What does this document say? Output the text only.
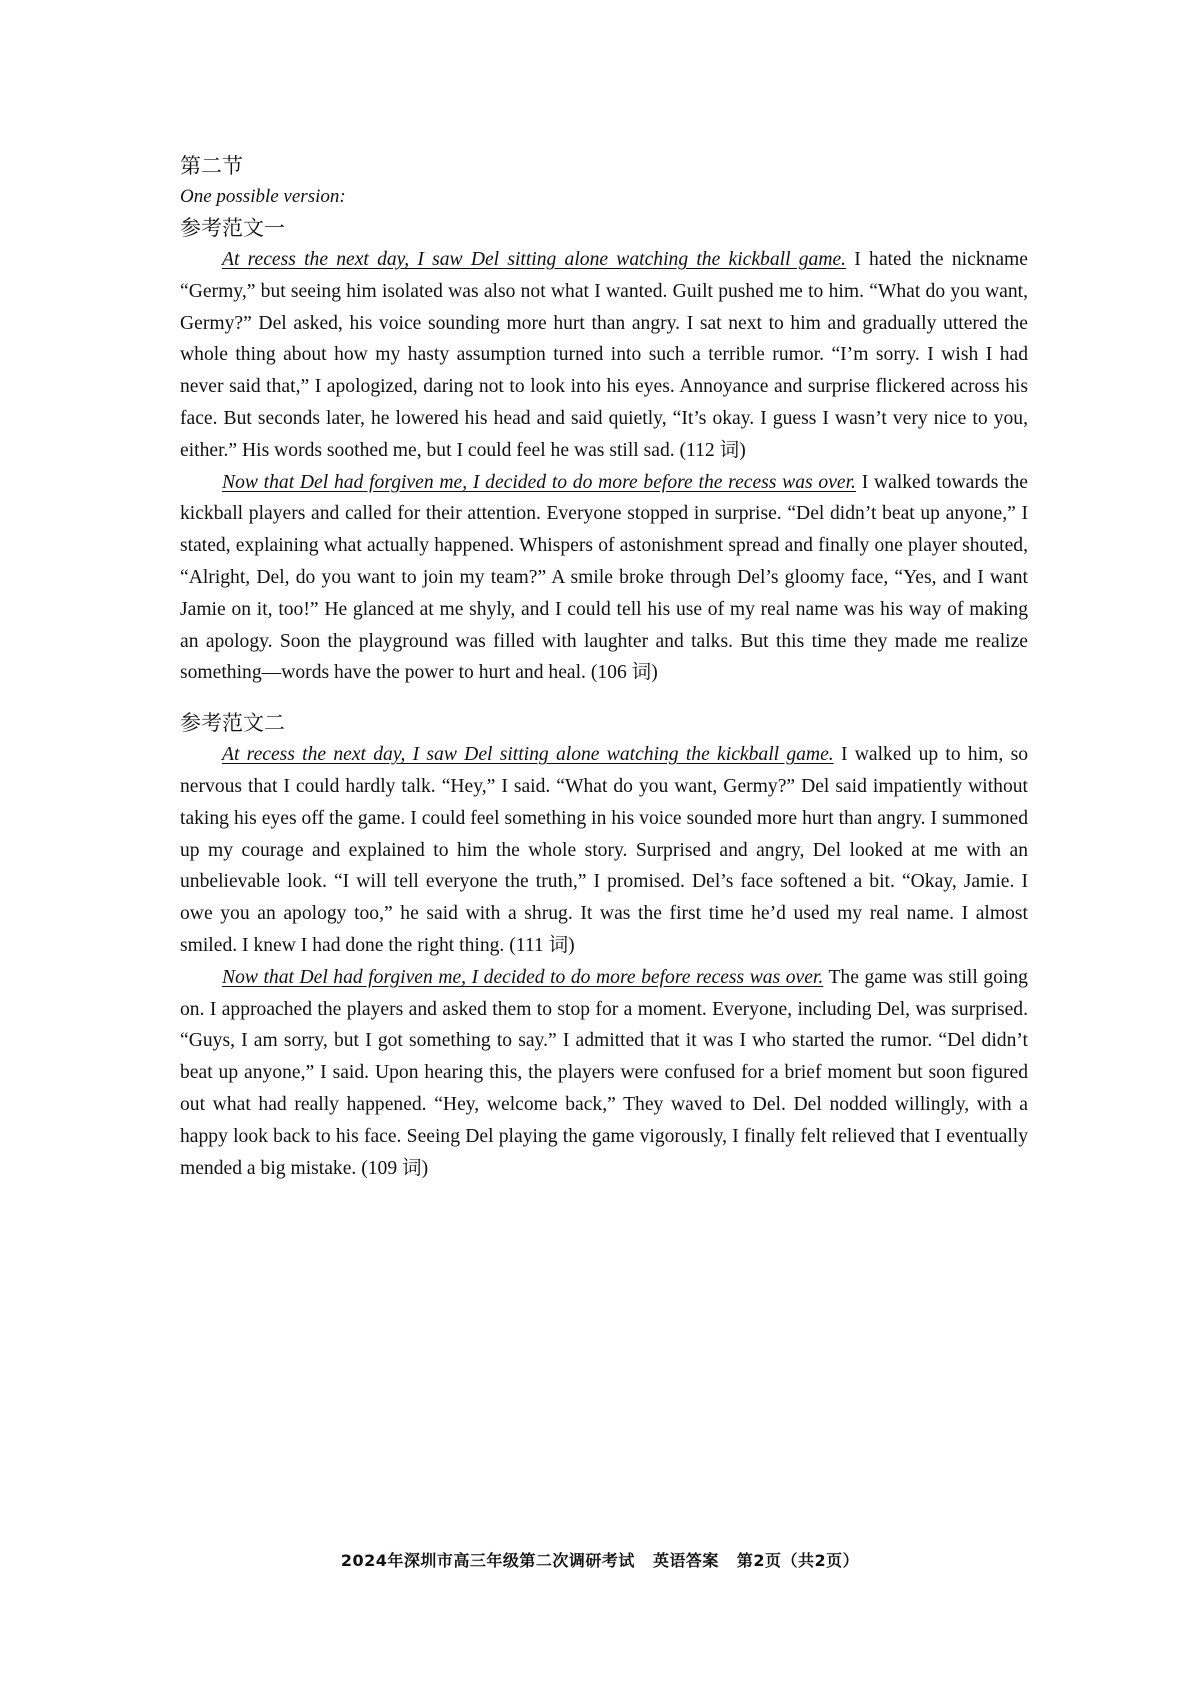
第二节
One possible version:
参考范文一

At recess the next day, I saw Del sitting alone watching the kickball game. I hated the nickname “Germy,” but seeing him isolated was also not what I wanted. Guilt pushed me to him. “What do you want, Germy?” Del asked, his voice sounding more hurt than angry. I sat next to him and gradually uttered the whole thing about how my hasty assumption turned into such a terrible rumor. “I’m sorry. I wish I had never said that,” I apologized, daring not to look into his eyes. Annoyance and surprise flickered across his face. But seconds later, he lowered his head and said quietly, “It’s okay. I guess I wasn’t very nice to you, either.” His words soothed me, but I could feel he was still sad. (112 词)

Now that Del had forgiven me, I decided to do more before the recess was over. I walked towards the kickball players and called for their attention. Everyone stopped in surprise. “Del didn’t beat up anyone,” I stated, explaining what actually happened. Whispers of astonishment spread and finally one player shouted, “Alright, Del, do you want to join my team?” A smile broke through Del’s gloomy face, “Yes, and I want Jamie on it, too!” He glanced at me shyly, and I could tell his use of my real name was his way of making an apology. Soon the playground was filled with laughter and talks. But this time they made me realize something—words have the power to hurt and heal. (106 词)

参考范文二

At recess the next day, I saw Del sitting alone watching the kickball game. I walked up to him, so nervous that I could hardly talk. “Hey,” I said. “What do you want, Germy?” Del said impatiently without taking his eyes off the game. I could feel something in his voice sounded more hurt than angry. I summoned up my courage and explained to him the whole story. Surprised and angry, Del looked at me with an unbelievable look. “I will tell everyone the truth,” I promised. Del’s face softened a bit. “Okay, Jamie. I owe you an apology too,” he said with a shrug. It was the first time he’d used my real name. I almost smiled. I knew I had done the right thing. (111 词)

Now that Del had forgiven me, I decided to do more before recess was over. The game was still going on. I approached the players and asked them to stop for a moment. Everyone, including Del, was surprised. “Guys, I am sorry, but I got something to say.” I admitted that it was I who started the rumor. “Del didn’t beat up anyone,” I said. Upon hearing this, the players were confused for a brief moment but soon figured out what had really happened. “Hey, welcome back,” They waved to Del. Del nodded willingly, with a happy look back to his face. Seeing Del playing the game vigorously, I finally felt relieved that I eventually mended a big mistake. (109 词)

2024年深圳市高三年级第二次调研考试 英语答案 第2页（共2页）
